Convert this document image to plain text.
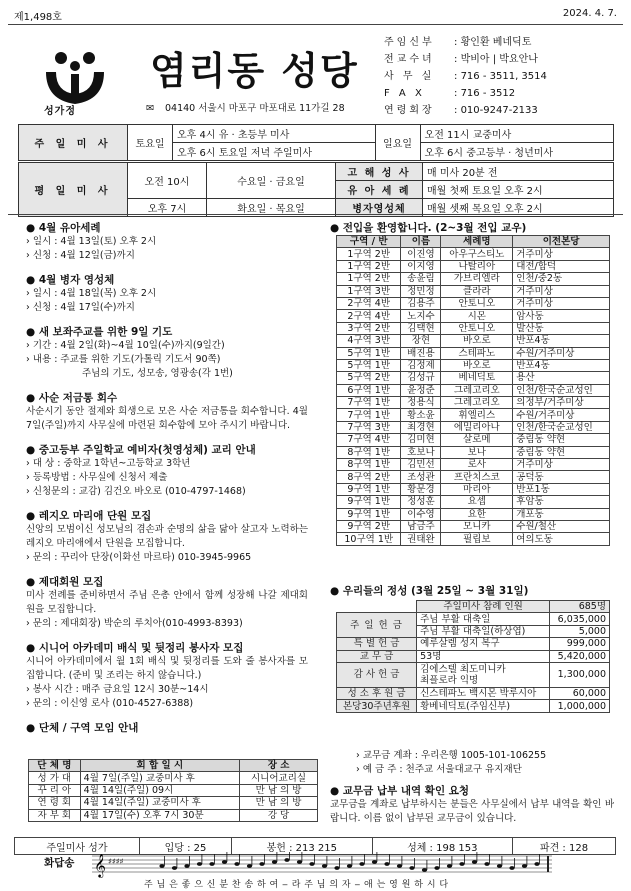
제1,498호	2024. 4. 7.
성가정
염리동 성당
✉ 04140 서울시 마포구 마포대로 11가길 28
주임신부 : 황인환 베네딕토
전교수녀 : 박비아 | 박요안나
사 무 실 : 716 - 3511, 3514
F A X	: 716 - 3512
연령회장 : 010-9247-2133
주 일 미 사	토요일	오후 4시 유 · 초등부 미사	일요일	오전 11시 교중미사
		오후 6시 토요일 저녁 주일미사		오후 6시 중고등부 · 청년미사
평 일 미 사	오전 10시	수요일 · 금요일	고 해 성 사	매 미사 20분 전
			유 아 세 례	매월 첫째 토요일 오후 2시
	오후 7시	화요일 · 목요일	병자영성체	매월 셋째 목요일 오후 2시
● 4월 유아세례
› 일시 : 4월 13일(토) 오후 2시
› 신청 : 4월 12일(금)까지
● 4월 병자 영성체
› 일시 : 4월 18일(목) 오후 2시
› 신청 : 4월 17일(수)까지
● 새 보좌주교를 위한 9일 기도
› 기간 : 4월 2일(화)~4월 10일(수)까지(9일간)
› 내용 : 주교를 위한 기도(가톨릭 기도서 90쪽)
주님의 기도, 성모송, 영광송(각 1번)
● 사순 저금통 회수
사순시기 동안 절제와 희생으로 모은 사순 저금통을 회수합니다. 4월 7일(주일)까지 사무실에 마련된 회수함에 모아 주시기 바랍니다.
● 중고등부 주일학교 예비자(첫영성체) 교리 안내
› 대 상 : 중학교 1학년~고등학교 3학년
› 등록방법 : 사무실에 신청서 제출
› 신청문의 : 교감) 김건오 바오로 (010-4797-1468)
● 레지오 마리애 단원 모집
신앙의 모범이신 성모님의 겸손과 순명의 삶을 닮아 살고자 노력하는 레지오 마리애에서 단원을 모집합니다.
› 문의 : 꾸리아 단장(이화선 마르타) 010-3945-9965
● 제대회원 모집
미사 전례를 준비하면서 주님 은총 안에서 함께 성장해 나갈 제대회원을 모집합니다.
› 문의 : 제대회장) 박순의 루치아(010-4993-8393)
● 시니어 아카데미 배식 및 뒷정리 봉사자 모집
시니어 아카데미에서 월 1회 배식 및 뒷정리를 도와 줄 봉사자를 모집합니다. (준비 및 조리는 하지 않습니다.)
› 봉사 시간 : 매주 금요일 12시 30분~14시
› 문의 : 이신영 로사 (010-4527-6388)
● 단체 / 구역 모임 안내
단 체 명	회 합 일 시	장 소
성 가 대	4월 7일(주일) 교중미사 후	시니어교리실
꾸 리 아	4월 14일(주일) 09시	만 남 의 방
연 령 회	4월 14일(주일) 교중미사 후	만 남 의 방
자 부 회	4월 17일(수) 오후 7시 30분	강 당
● 전입을 환영합니다. (2~3월 전입 교우)
구역 / 반	이름	세례명	이전본당
1구역 2반	이진영	아우구스티노	거주미상
1구역 2반	이지영	나탈리아	대전/합덕
1구역 2반	송윤림	가브리엘라	인천/중2동
1구역 3반	정민정	클라라	거주미상
2구역 4반	김용주	안토니오	거주미상
2구역 4반	노지수	시몬	암사동
3구역 2반	김택현	안토니오	발산동
4구역 3반	장현	바오로	반포4동
5구역 1반	배진용	스테파노	수원/거주미상
5구역 1반	김정제	바오로	반포4동
5구역 2반	김성규	베네딕토	용산
6구역 1반	윤정준	그레고리오	인천/한국순교성인
7구역 1반	정용식	그레고리오	의정부/거주미상
7구역 1반	황소윤	휘엘리스	수원/거주미상
7구역 3반	최경현	에밀리아나	인천/한국순교성인
7구역 4반	김미현	살로메	중림동 약현
8구역 1반	호보나	보나	중림동 약현
8구역 1반	김민선	로사	거주미상
8구역 2반	조성관	프란치스코	공덕동
9구역 1반	황문경	마리아	반포1동
9구역 1반	정성훈	요셉	후암동
9구역 1반	이수영	요한	개포동
9구역 2반	남금주	모니카	수원/철산
10구역 1반	권태완	필립보	여의도동
● 우리들의 정성 (3월 25일 ~ 3월 31일)
	주일미사 참례 인원	685명
주 일 헌 금	주님 부활 대축일	6,035,000
	주님 부활 대축일(하상엽)	5,000
특 별 헌 금	예루살렘 성지 복구	999,000
교 무 금	53명	5,420,000
감 사 헌 금	김에스텔 최도미니카
최플로라 익명	1,300,000
성 소 후 원 금	신스테파노 백시몬 박루시아	60,000
본당30주년후원	황베네딕토(주임신부)	1,000,000
› 교무금 계좌 : 우리은행 1005-101-106255
› 예 금 주 : 천주교 서울대교구 유지재단
● 교무금 납부 내역 확인 요청
교무금을 계좌로 납부하시는 분들은 사무실에서 납부 내역을 확인 바랍니다. 이름 없이 납부된 교무금이 있습니다.
주일미사 성가	입당 : 25	봉헌 : 213 215	성체 : 198 153	파견 : 128
화답송 𝄞 ♯♯♯♯
주 님 은 좋 으 신 분 찬 송 하 여 ‒ 라 주 님 의 자 ‒ 애 는 영 원 하 시 다
